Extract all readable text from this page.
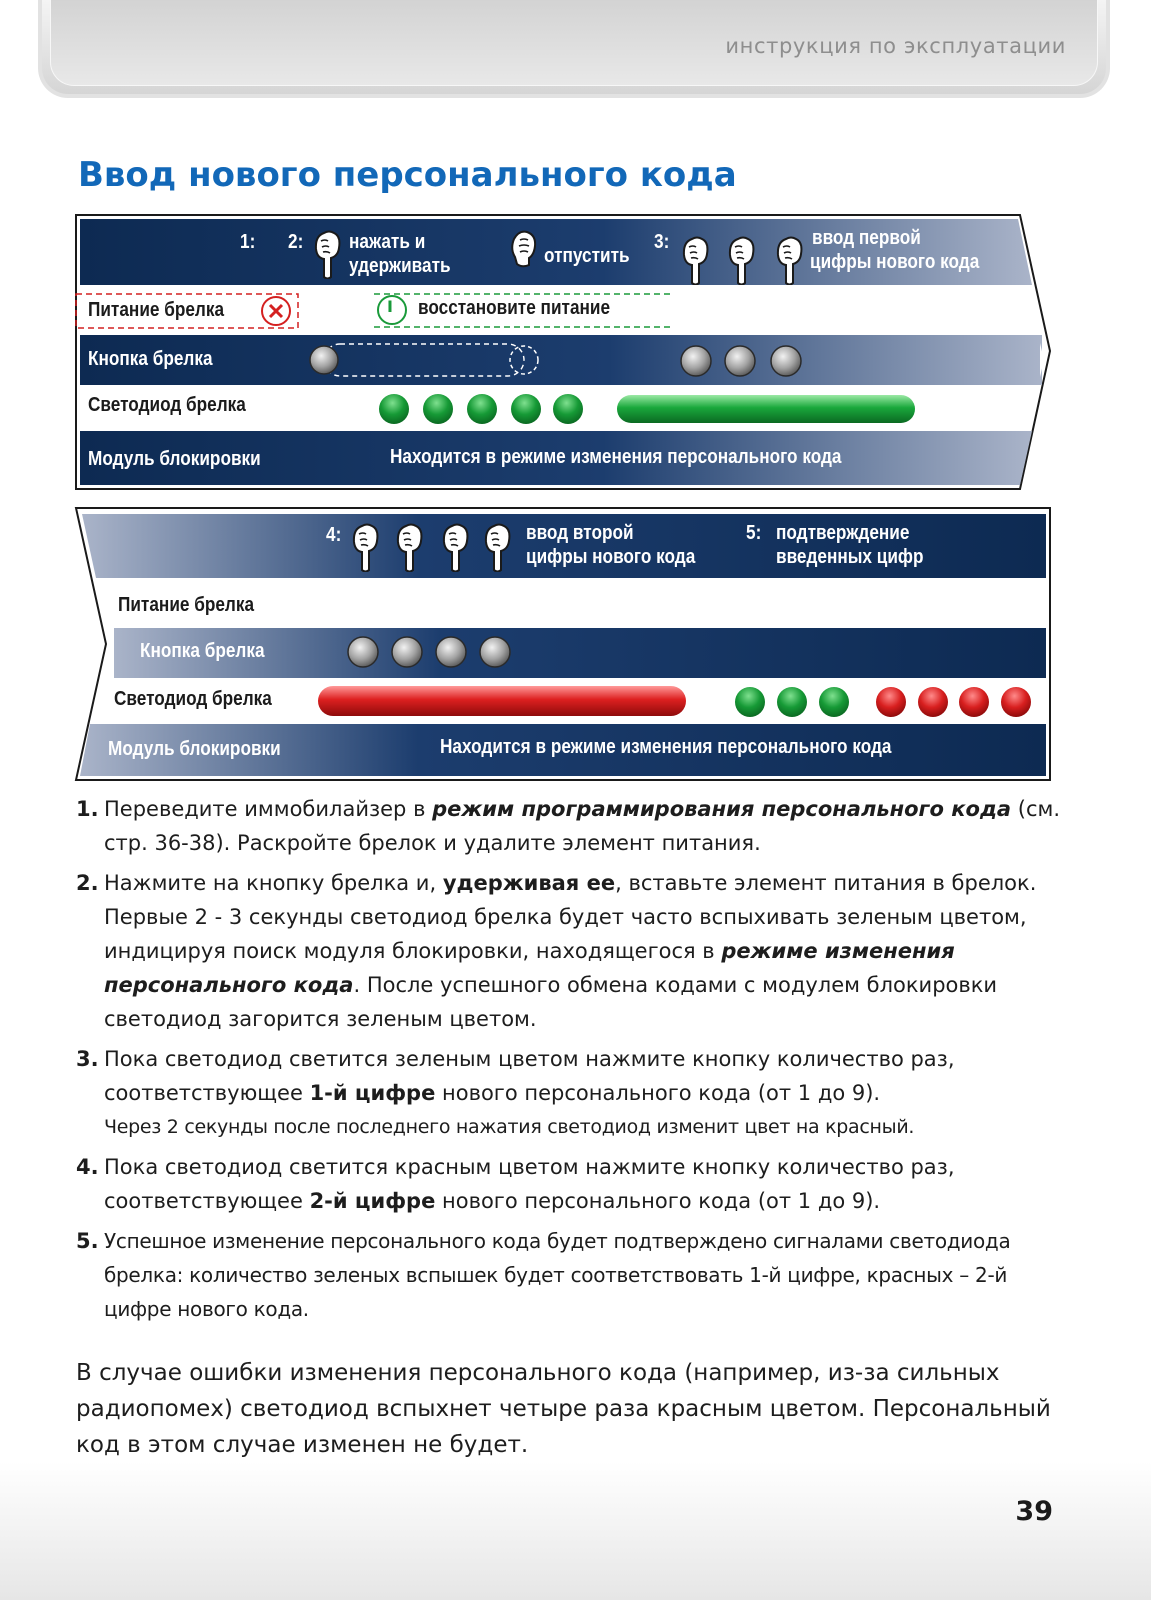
инструкция по эксплуатации
Ввод нового персонального кода
1: 2: нажать и
удерживать	отпустить
3:	ввод первой
цифры нового кода
Питание брелка	I восстановите питание
Кнопка брелка
Светодиод брелка
Модуль блокировки	Находится в режиме изменения персонального кода
4:	ввод второй
цифры нового кода
5: подтверждение
введенных цифр
Питание брелка
Кнопка брелка
Светодиод брелка
Модуль блокировки	Находится в режиме изменения персонального кода
1. Переведите иммобилайзер в режим программирования персонального кода (см. стр. 36-38). Раскройте брелок и удалите элемент питания.

2. Нажмите на кнопку брелка и, удерживая ее, вставьте элемент питания в брелок. Первые 2 - 3 секунды светодиод брелка будет часто вспыхивать зеленым цветом, индицируя поиск модуля блокировки, находящегося в режиме изменения персонального кода. После успешного обмена кодами с модулем блокировки светодиод загорится зеленым цветом.

3. Пока светодиод светится зеленым цветом нажмите кнопку количество раз, соответствующее 1-й цифре нового персонального кода (от 1 до 9).

Через 2 секунды после последнего нажатия светодиод изменит цвет на красный.

4. Пока светодиод светится красным цветом нажмите кнопку количество раз, соответствующее 2-й цифре нового персонального кода (от 1 до 9).

5. Успешное изменение персонального кода будет подтверждено сигналами светодиода брелка: количество зеленых вспышек будет соответствовать 1-й цифре, красных – 2-й цифре нового кода.

В случае ошибки изменения персонального кода (например, из-за сильных радиопомех) светодиод вспыхнет четыре раза красным цветом. Персональный код в этом случае изменен не будет.

39
